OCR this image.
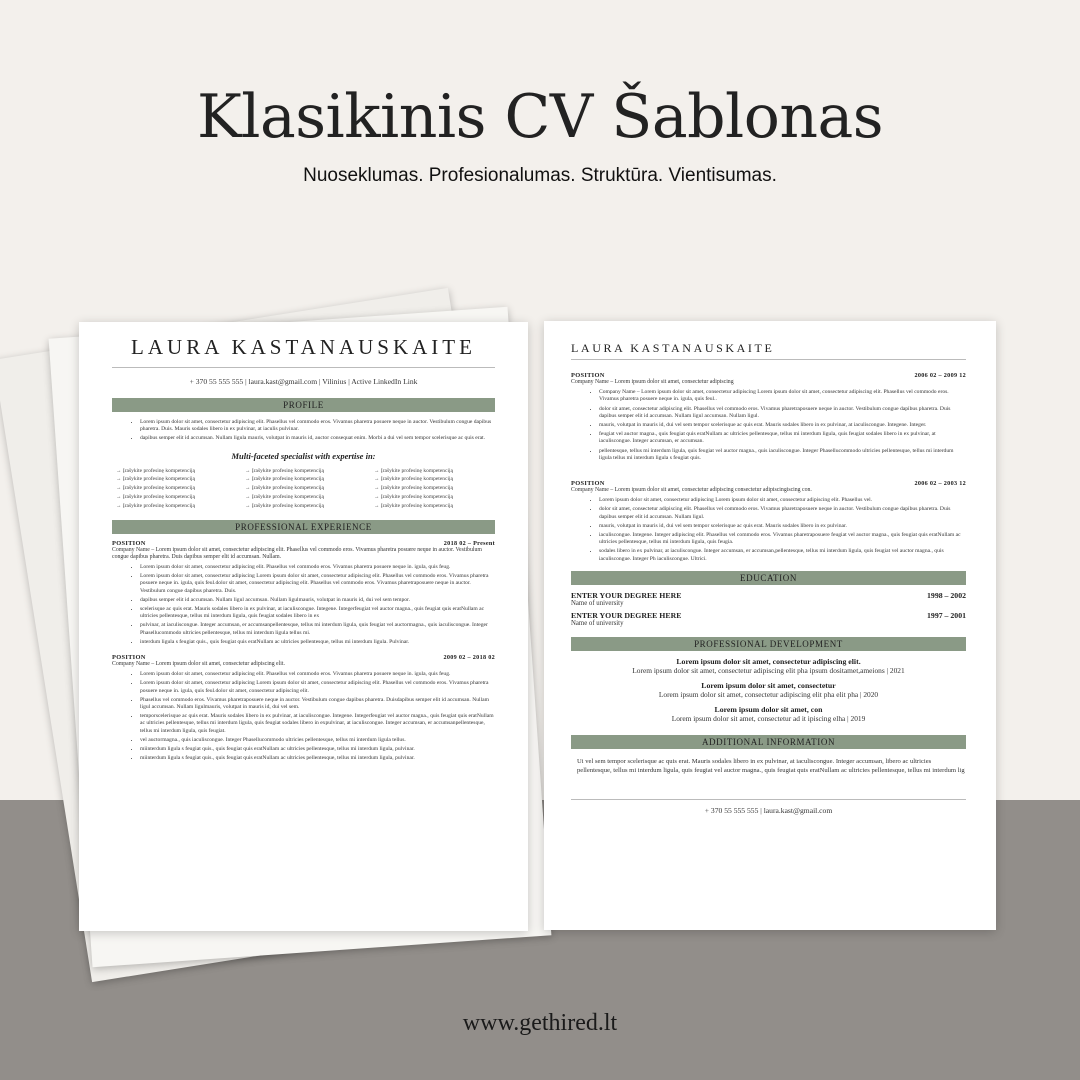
Klasikinis CV Šablonas
Nuoseklumas. Profesionalumas. Struktūra. Vientisumas.
LAURA KASTANAUSKAITE
+ 370 55 555 555 | laura.kast@gmail.com | Vilinius | Active LinkedIn Link
PROFILE
• Lorem ipsum dolor sit amet, consectetur adipiscing elit. Phasellus vel commodo eros. Vivamus pharetra posuere neque in auctor. Vestibulum congue dapibus pharetra. Duis. Mauris sodales libero in ex pulvinar, at iaculis pulvinar.
• dapibus semper elit id accumsan. Nullam ligula mauris, volutpat in mauris id, auctor consequat enim. Morbi a dui vel sem tempor scelerisque ac quis erat.
Multi-faceted specialist with expertise in:
→ Įrašykite profesinę kompetenciją	→ Įrašykite profesinę kompetenciją	→ Įrašykite profesinę kompetenciją
→ Įrašykite profesinę kompetenciją	→ Įrašykite profesinę kompetenciją	→ Įrašykite profesinę kompetenciją
→ Įrašykite profesinę kompetenciją	→ Įrašykite profesinę kompetenciją	→ Įrašykite profesinę kompetenciją
→ Įrašykite profesinę kompetenciją	→ Įrašykite profesinę kompetenciją	→ Įrašykite profesinę kompetenciją
→ Įrašykite profesinę kompetenciją	→ Įrašykite profesinę kompetenciją	→ Įrašykite profesinę kompetenciją
PROFESSIONAL EXPERIENCE
POSITION	2018 02 – Present
Company Name – Lorem ipsum dolor sit amet, consectetur adipiscing elit. Phasellus vel commodo eros. Vivamus pharetra posuere neque in auctor. Vestibulum congue dapibus pharetra. Duis dapibus semper elit id accumsan. Nullam.
• Lorem ipsum dolor sit amet, consectetur adipiscing elit. Phasellus vel commodo eros. Vivamus pharetra posuere neque in. igula, quis feug.
• Lorem ipsum dolor sit amet, consectetur adipiscing Lorem ipsum dolor sit amet, consectetur adipiscing elit. Phasellus vel commodo eros. Vivamus pharetra posuere neque in. igula, quis feul.dolor sit amet, consectetur adipiscing elit. Phasellus vel commodo eros. Vivamus pharetraposuere neque in auctor. Vestibulum congue dapibus pharetra. Duis.
• dapibus semper elit id accumsan. Nullam ligul accumsan. Nullam ligulmauris, volutpat in mauris id, dui vel sem tempor.
• scelerisque ac quis erat. Mauris sodales libero in ex pulvinar, at iaculiscongue. Integene. Integerfeugiat vel auctor magna., quis feugiat quis eratNullam ac ultricies pellentesque, tellus mi interdum ligula, quis feugiat sodales libero in ex
• pulvinar, at iaculiscongue. Integer accumsan, er accumsanpellentesque, tellus mi interdum ligula, quis feugiat vel auctormagna., quis iaculiscongue. Integer Phasellucommodo ultricies pellentesque, tellus mi interdum ligula tellus mi.
• interdum ligula s feugiat quis., quis feugiat quis eratNullam ac ultricies pellentesque, tellus mi interdum ligula. Pulvinar.
POSITION	2009 02 – 2018 02
Company Name – Lorem ipsum dolor sit amet, consectetur adipiscing elit.
• Lorem ipsum dolor sit amet, consectetur adipiscing elit. Phasellus vel commodo eros. Vivamus pharetra posuere neque in. igula, quis feug.
• Lorem ipsum dolor sit amet, consectetur adipiscing Lorem ipsum dolor sit amet, consectetur adipiscing elit. Phasellus vel commodo eros. Vivamus pharetra posuere neque in. igula, quis feul.dolor sit amet, consectetur adipiscing elit.
• Phasellus vel commodo eros. Vivamus pharetraposuere neque in auctor. Vestibulum congue dapibus pharetra. Duisdapibus semper elit id accumsan. Nullam ligul accumsan. Nullam ligulmauris, volutpat in mauris id, dui vel sem.
• temporscelerisque ac quis erat. Mauris sodales libero in ex pulvinar, at iaculiscongue. Integene. Integerfeugiat vel auctor magna., quis feugiat quis eratNullam ac ultricies pellentesque, tellus mi interdum ligula, quis feugiat sodales libero in expulvinar, at iaculiscongue. Integer accumsan, er accumsanpellentesque, tellus mi interdum ligula, quis feugiat.
• vel auctormagna., quis iaculiscongue. Integer Phasellucommodo ultricies pellentesque, tellus mi interdum ligula tellus.
• miinterdum ligula s feugiat quis., quis feugiat quis eratNullam ac ultricies pellentesque, tellus mi interdum ligula, pulvinar.
• miinterdum ligula s feugiat quis., quis feugiat quis eratNullam ac ultricies pellentesque, tellus mi interdum ligula, pulvinar.
LAURA KASTANAUSKAITE
POSITION	2006 02 – 2009 12
Company Name – Lorem ipsum dolor sit amet, consectetur adipiscing
• Company Name – Lorem ipsum dolor sit amet, consectetur adipiscing Lorem ipsum dolor sit amet, consectetur adipiscing elit. Phasellus vel commodo eros. Vivamus pharetra posuere neque in. igula, quis feul..
• dolor sit amet, consectetur adipiscing elit. Phasellus vel commodo eros. Vivamus pharetraposuere neque in auctor. Vestibulum congue dapibus pharetra. Duis dapibus semper elit id accumsan. Nullam ligul accumsan. Nullam ligul.
• mauris, volutpat in mauris id, dui vel sem tempor scelerisque ac quis erat. Mauris sodales libero in ex pulvinar, at iaculiscongue. Integene. Integer.
• feugiat vel auctor magna., quis feugiat quis eratNullam ac ultricies pellentesque, tellus mi interdum ligula, quis feugiat sodales libero in ex pulvinar, at iaculiscongue. Integer accumsan, er accumsan.
• pellentesque, tellus mi interdum ligula, quis feugiat vel auctor magna., quis iaculiscongue. Integer Phasellucommodo ultricies pellentesque, tellus mi interdum ligula tellus mi interdum ligula s feugiat quis.
POSITION	2006 02 – 2003 12
Company Name – Lorem ipsum dolor sit amet, consectetur adipiscing consectetur adipiscingiscing con.
• Lorem ipsum dolor sit amet, consectetur adipiscing Lorem ipsum dolor sit amet, consectetur adipiscing elit. Phasellus vel.
• dolor sit amet, consectetur adipiscing elit. Phasellus vel commodo eros. Vivamus pharetraposuere neque in auctor. Vestibulum congue dapibus pharetra. Duis dapibus semper elit id accumsan. Nullam ligul.
• mauris, volutpat in mauris id, dui vel sem tempor scelerisque ac quis erat. Mauris sodales libero in ex pulvinar.
• iaculiscongue. Integene. Integer adipiscing elit. Phasellus vel commodo eros. Vivamus pharetraposuere feugiat vel auctor magna., quis feugiat quis eratNullam ac ultricies pellentesque, tellus mi interdum ligula, quis feugia.
• sodales libero in ex pulvinar, at iaculiscongue. Integer accumsan, er accumsan,pellentesque, tellus mi interdum ligula, quis feugiat vel auctor magna., quis iaculiscongue. Integer Ph iaculiscongue. Ultrici.
EDUCATION
ENTER YOUR DEGREE HERE	1998 – 2002
Name of university
ENTER YOUR DEGREE HERE	1997 – 2001
Name of university
PROFESSIONAL DEVELOPMENT
Lorem ipsum dolor sit amet, consectetur adipiscing elit.
Lorem ipsum dolor sit amet, consectetur adipiscing elit pha ipsum dositamet,ameions | 2021
Lorem ipsum dolor sit amet, consectetur
Lorem ipsum dolor sit amet, consectetur adipiscing elit pha elit pha | 2020
Lorem ipsum dolor sit amet, con
Lorem ipsum dolor sit amet, consectetur ad it ipiscing elha | 2019
ADDITIONAL INFORMATION
Ui vel sem tempor scelerisque ac quis erat. Mauris sodales libero in ex pulvinar, at iaculiscongue. Integer accumsan, libero ac ultricies pellentesque, tellus mi interdum ligula, quis feugiat vel auctor magna., quis feugiat quis eratNullam ac ultricies pellentesque, tellus mi interdum lig
+ 370 55 555 555 | laura.kast@gmail.com
www.gethired.lt
